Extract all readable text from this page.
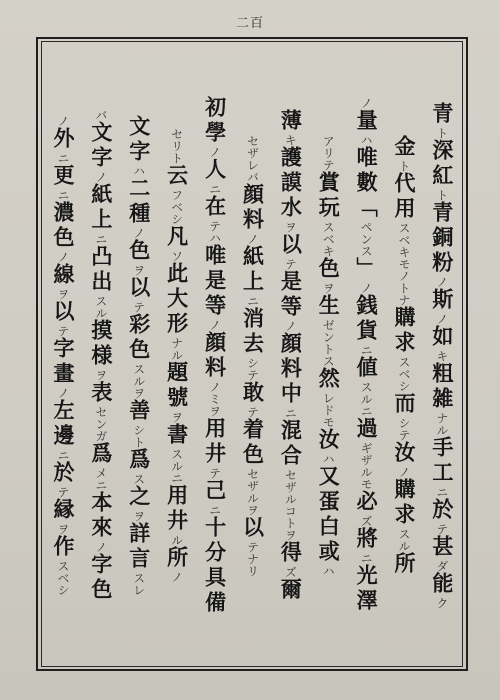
二百
青ト深紅ト青銅粉ノ斯ノ如キ粗雑ナル手工ニ於テ甚ダ能ク
金ト代用スベキモノトナ購求スベシ而シテ汝ノ購求スル所
ノ量ハ唯數「ペンス」ノ銭貨ニ値スルニ過ギザルモ必ズ將ニ光澤
アリテ賞玩スベキ色ヲ生ゼントス然レドモ汝ハ又蛋白或ハ
薄キ護謨水ヲ以テ是等ノ顔料中ニ混合セザルコトヲ得ズ爾
セザレバ顔料ノ紙上ニ消去シテ敢テ着色セザルヲ以テナリ
初學ノ人ニ在テハ唯是等ノ顔料ノミヲ用井テ己ニ十分具備
セリト云フベシ凡ソ此大形ナル題號ヲ書スルニ用井ル所ノ
文字ハ二種ノ色ヲ以テ彩色スルヲ善シト爲ス之ヲ詳言スレ
バ文字ノ紙上ニ凸出スル摸様ヲ表センガ爲メニ本來ノ字色
ノ外ニ更ニ濃色ノ線ヲ以テ字畫ノ左邊ニ於テ縁ヲ作スベシ
